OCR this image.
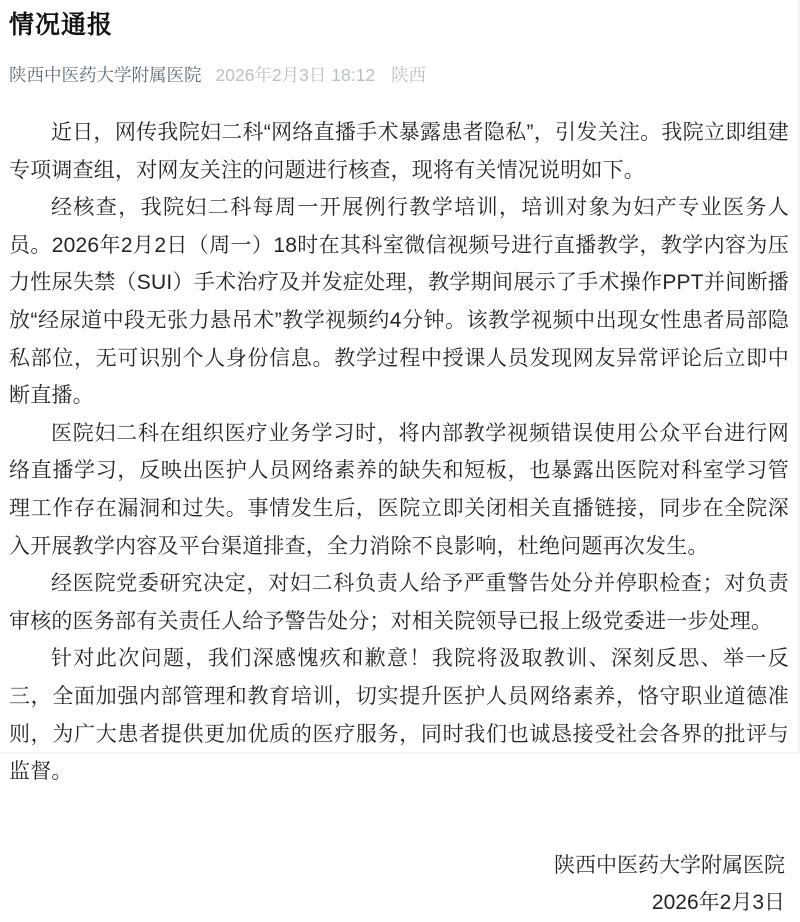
情况通报
陕西中医药大学附属医院 2026年2月3日 18:12 陕西

近日，网传我院妇二科“网络直播手术暴露患者隐私”，引发关注。我院立即组建专项调查组，对网友关注的问题进行核查，现将有关情况说明如下。

经核查，我院妇二科每周一开展例行教学培训，培训对象为妇产专业医务人员。2026年2月2日（周一）18时在其科室微信视频号进行直播教学，教学内容为压力性尿失禁（SUI）手术治疗及并发症处理，教学期间展示了手术操作PPT并间断播放“经尿道中段无张力悬吊术”教学视频约4分钟。该教学视频中出现女性患者局部隐私部位，无可识别个人身份信息。教学过程中授课人员发现网友异常评论后立即中断直播。

医院妇二科在组织医疗业务学习时，将内部教学视频错误使用公众平台进行网络直播学习，反映出医护人员网络素养的缺失和短板，也暴露出医院对科室学习管理工作存在漏洞和过失。事情发生后，医院立即关闭相关直播链接，同步在全院深入开展教学内容及平台渠道排查，全力消除不良影响，杜绝问题再次发生。

经医院党委研究决定，对妇二科负责人给予严重警告处分并停职检查；对负责审核的医务部有关责任人给予警告处分；对相关院领导已报上级党委进一步处理。

针对此次问题，我们深感愧疚和歉意！我院将汲取教训、深刻反思、举一反三，全面加强内部管理和教育培训，切实提升医护人员网络素养，恪守职业道德准则，为广大患者提供更加优质的医疗服务，同时我们也诚恳接受社会各界的批评与监督。

陕西中医药大学附属医院
2026年2月3日
